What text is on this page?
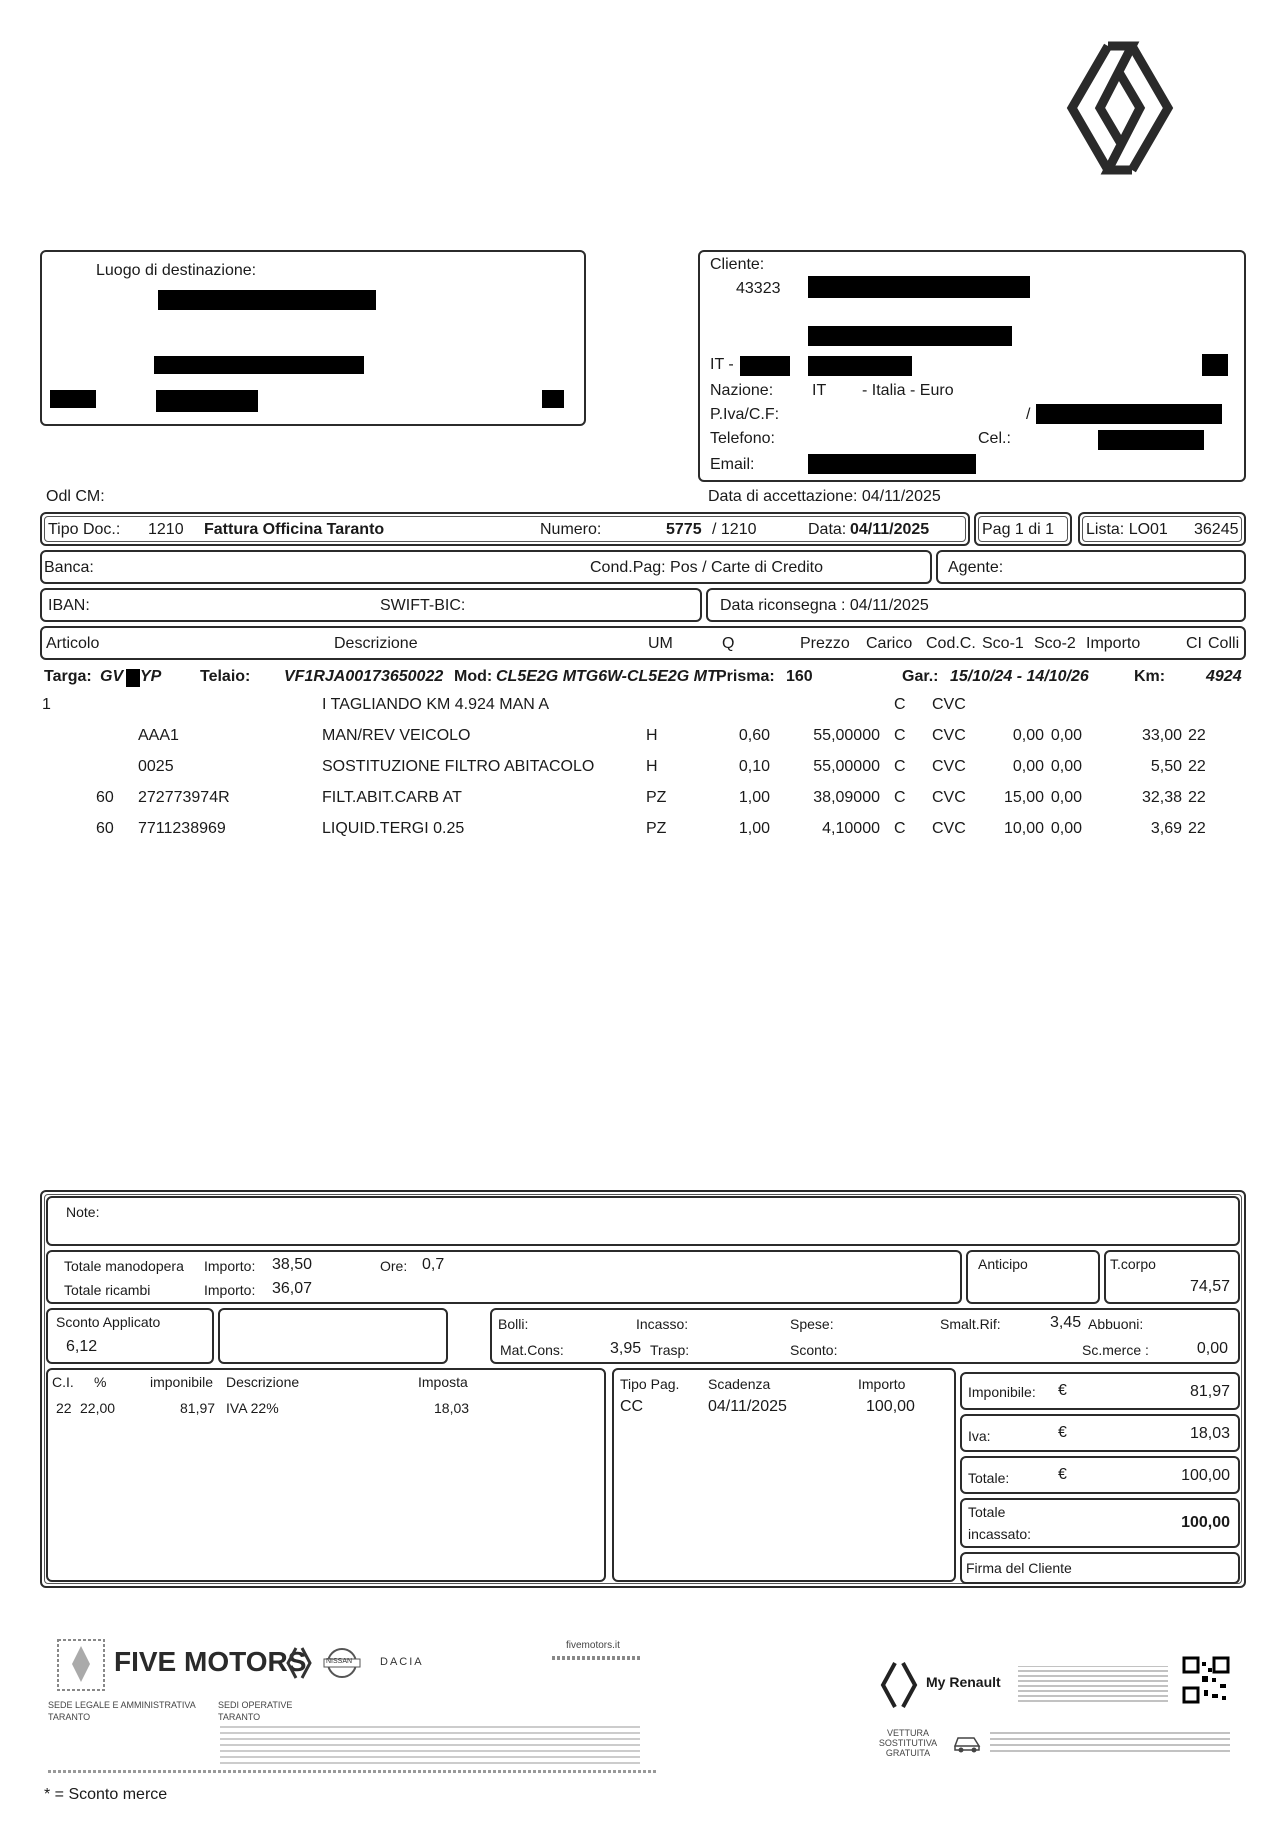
Luogo di destinazione:	Cliente:
43323
IT -
Nazione: IT - Italia - Euro
P.Iva/C.F:	/
Telefono:	Cel.:
Email:
Odl CM:	Data di accettazione: 04/11/2025
Tipo Doc.: 1210 Fattura Officina Taranto	Numero:	5775 / 1210	Data: 04/11/2025	Pag 1 di 1 Lista: LO01 36245
Banca:	Cond.Pag: Pos / Carte di Credito	Agente:
IBAN:	SWIFT-BIC:	Data riconsegna : 04/11/2025
Articolo	Descrizione	UM	Q	Prezzo Carico Cod.C. Sco-1 Sco-2 Importo	CI Colli
Targa: GV YP Telaio: VF1RJA00173650022 Mod: CL5E2G MTG6W-CL5E2G MT Prisma: 160	Gar.: 15/10/24 - 14/10/26	Km:	4924
1	I TAGLIANDO KM 4.924 MAN A	C	CVC
AAA1	MAN/REV VEICOLO	H	0,60	55,00000 C	CVC	0,00 0,00	33,00 22
0025	SOSTITUZIONE FILTRO ABITACOLO	H	0,10	55,00000 C	CVC	0,00 0,00	5,50 22
60 272773974R	FILT.ABIT.CARB AT	PZ	1,00	38,09000 C	CVC	15,00 0,00	32,38 22
60 7711238969	LIQUID.TERGI 0.25	PZ	1,00	4,10000 C	CVC	10,00 0,00	3,69 22
Note:
Totale manodopera Importo: 38,50	Ore: 0,7
Totale ricambi	Importo: 36,07
Anticipo	T.corpo
74,57
Sconto Applicato
6,12
Bolli:	Incasso:	Spese:	Smalt.Rif:	3,45 Abbuoni:
Mat.Cons:	3,95 Trasp:	Sconto:	Sc.merce :	0,00
C.I. %	imponibile Descrizione	Imposta
22 22,00	81,97 IVA 22%	18,03
Tipo Pag. Scadenza	Importo
CC	04/11/2025	100,00
Imponibile: €	81,97
Iva:	€	18,03
Totale:	€	100,00
Totale
incassato:
100,00
Firma del Cliente
FIVE MOTORS	NISSAN	DACIA
fivemotors.it
SEDE LEGALE E AMMINISTRATIVA
TARANTO
SEDI OPERATIVE
TARANTO
My Renault
VETTURA
SOSTITUTIVA
GRATUITA
* = Sconto merce
